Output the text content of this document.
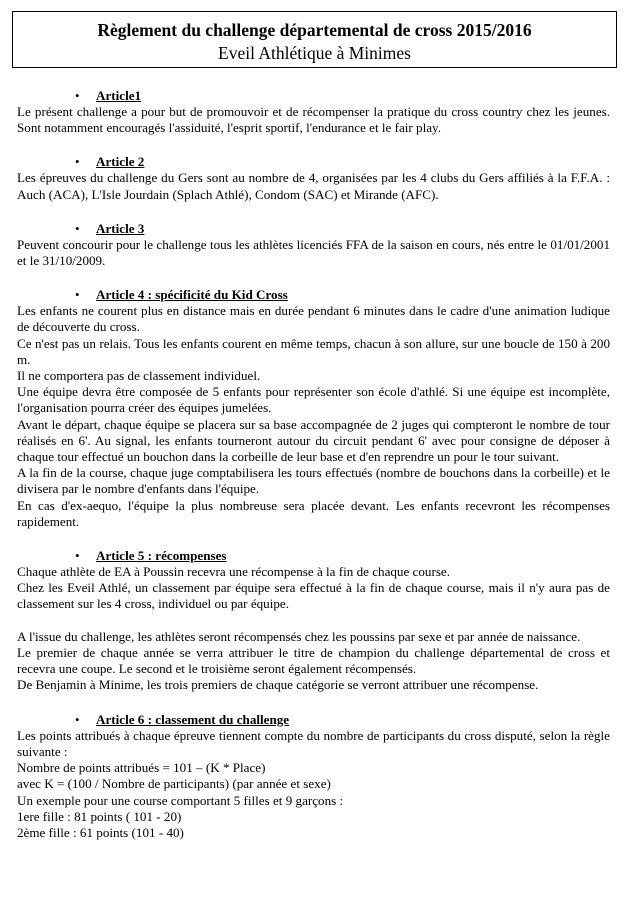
Règlement du challenge départemental de cross 2015/2016
Eveil Athlétique à Minimes
• Article1

Le présent challenge a pour but de promouvoir et de récompenser la pratique du cross country chez les jeunes. Sont notamment encouragés l'assiduité, l'esprit sportif, l'endurance et le fair play.

• Article 2

Les épreuves du challenge du Gers sont au nombre de 4, organisées par les 4 clubs du Gers affiliés à la F.F.A. : Auch (ACA), L'Isle Jourdain (Splach Athlé), Condom (SAC) et Mirande (AFC).

• Article 3

Peuvent concourir pour le challenge tous les athlètes licenciés FFA de la saison en cours, nés entre le 01/01/2001 et le 31/10/2009.

• Article 4 : spécificité du Kid Cross

Les enfants ne courent plus en distance mais en durée pendant 6 minutes dans le cadre d'une animation ludique de découverte du cross.

Ce n'est pas un relais. Tous les enfants courent en même temps, chacun à son allure, sur une boucle de 150 à 200 m.

Il ne comportera pas de classement individuel.

Une équipe devra être composée de 5 enfants pour représenter son école d'athlé. Si une équipe est incomplète, l'organisation pourra créer des équipes jumelées.

Avant le départ, chaque équipe se placera sur sa base accompagnée de 2 juges qui compteront le nombre de tour réalisés en 6'. Au signal, les enfants tourneront autour du circuit pendant 6' avec pour consigne de déposer à chaque tour effectué un bouchon dans la corbeille de leur base et d'en reprendre un pour le tour suivant.

A la fin de la course, chaque juge comptabilisera les tours effectués (nombre de bouchons dans la corbeille) et le divisera par le nombre d'enfants dans l'équipe.

En cas d'ex-aequo, l'équipe la plus nombreuse sera placée devant. Les enfants recevront les récompenses rapidement.

• Article 5 : récompenses

Chaque athlète de EA à Poussin recevra une récompense à la fin de chaque course.

Chez les Eveil Athlé, un classement par équipe sera effectué à la fin de chaque course, mais il n'y aura pas de classement sur les 4 cross, individuel ou par équipe.

A l'issue du challenge, les athlètes seront récompensés chez les poussins par sexe et par année de naissance.

Le premier de chaque année se verra attribuer le titre de champion du challenge départemental de cross et recevra une coupe. Le second et le troisième seront également récompensés.

De Benjamin à Minime, les trois premiers de chaque catégorie se verront attribuer une récompense.

• Article 6 : classement du challenge

Les points attribués à chaque épreuve tiennent compte du nombre de participants du cross disputé, selon la règle suivante :

Nombre de points attribués = 101 – (K * Place)

avec K = (100 / Nombre de participants) (par année et sexe)

Un exemple pour une course comportant 5 filles et 9 garçons :

1ere fille : 81 points ( 101 - 20)

2ème fille : 61 points (101 - 40)
